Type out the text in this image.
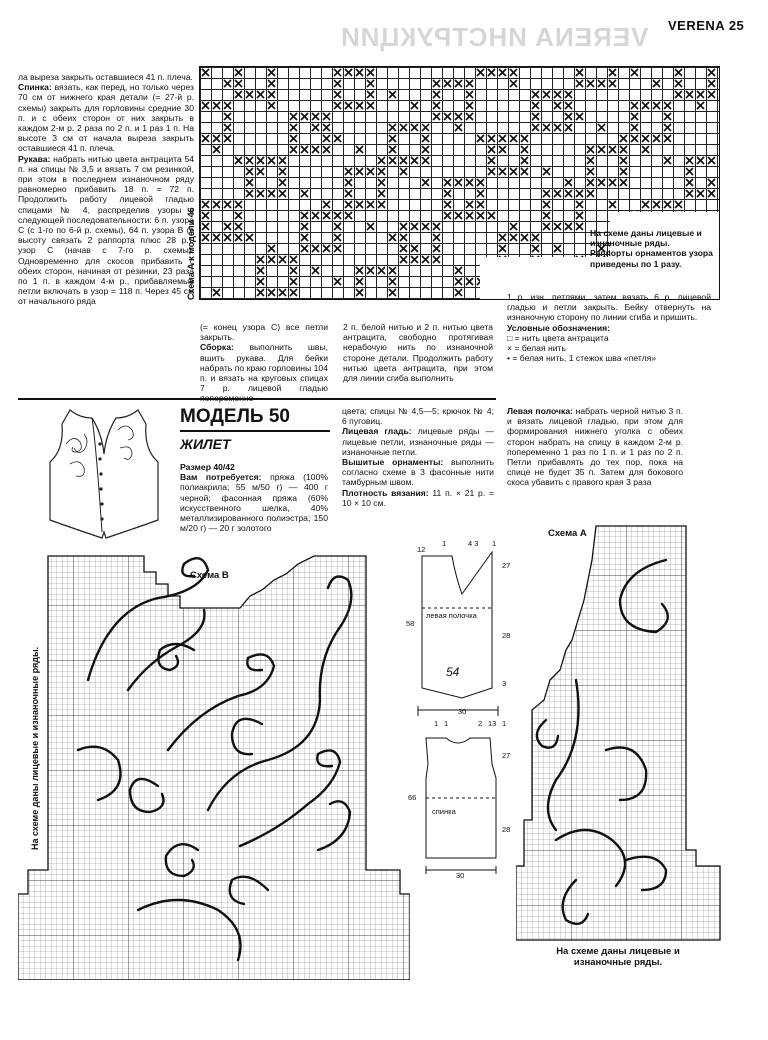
VERENA ИНСТРУКЦИИ VERENA 25
ла выреза закрыть оставшиеся 41 п. плеча.
Спинка: вязать, как перед, но только через 70 см от нижнего края детали (= 27-й р. схемы) закрыть для горловины средние 30 п. и с обеих сторон от них закрыть в каждом 2-м р. 2 раза по 2 п. и 1 раз 1 п. На высоте 3 см от начала выреза закрыть оставшиеся 41 п. плеча.
Рукава: набрать нитью цвета антрацита 54 п. на спицы № 3,5 и вязать 7 см резинкой, при этом в последнем изнаночном ряду равномерно прибавить 18 п. = 72 п. Продолжить работу лицевой гладью спицами № 4, распределив узоры в следующей последовательности: 6 п. узора С (с 1-го по 6-й р. схемы), 64 п. узора В (в высоту связать 2 раппорта плюс 28 р.), узор С (начав с 7-го р. схемы). Одновременно для скосов прибавить с обеих сторон, начиная от резинки, 23 раза по 1 п. в каждом 4-м р., прибавляемые петли включать в узор = 118 п. Через 45 см от начального ряда
Схема А к модели 46	На схеме даны лицевые и изнаночные ряды.
Раппорты орнаментов узора приведены по 1 разу.
(= конец узора С) все петли закрыть.
Сборка: выполнить швы, вшить рукава. Для бейки набрать по краю горловины 104 п. и вязать на круговых спицах 7 р. лицевой гладью
2 п. белой нитью и 2 п. нитью цвета антрацита, свободно протягивая нерабочую нить по изнаночной стороне детали. Продолжить работу нитью цвета антрацита, при этом для линии сгиба выполнить
1 р. изн. петлями, затем вязать 6 р. лицевой гладью и петли закрыть. Бейку отвернуть на изнаночную сторону по линии сгиба и пришить.
Условные обозначения:
□ = нить цвета антрацита
× = белая нить
• = белая нить, 1 стежок шва «петля»
МОДЕЛЬ 50
ЖИЛЕТ
Размер 40/42
Вам потребуется: пряжа (100% полиакрила; 55 м/50 г) — 400 г черной; фасонная пряжа (60% искусственного шелка, 40% металлизированного полиэстра; 150 м/20 г) — 20 г золотого
цвета; спицы № 4,5—5; крючок № 4; 6 пуговиц.
Лицевая гладь: лицевые ряды — лицевые петли, изнаночные ряды — изнаночные петли.
Вышитые орнаменты: выполнить согласно схеме в 3 фасонные нити тамбурным швом.
Плотность вязания: 11 п. × 21 р. = 10 × 10 см.
Левая полочка: набрать черной нитью 3 п. и вязать лицевой гладью, при этом для формирования нижнего уголка с обеих сторон набрать на спицу в каждом 2-м р. попеременно 1 раз по 1 п. и 1 раз по 2 п. Петли прибавлять до тех пор, пока на спице не будет 35 п. Затем для бокового скоса убавить с правого края 3 раза
Схема В
На схеме даны лицевые и изнаночные ряды.
12
1	4 3 1
27
58
28
3
30
1
1	2 13 1
27
66
28
30
левая полочка
спинка
54
Схема А
На схеме даны лицевые и изнаночные ряды.
